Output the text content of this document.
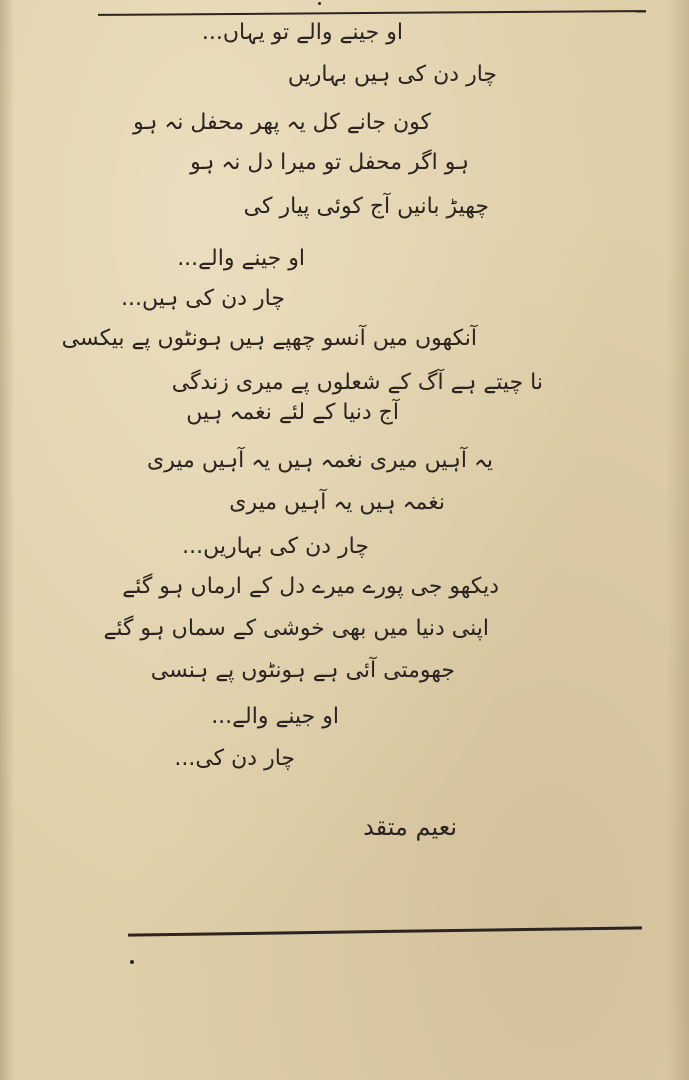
او جینے والے تو یہاں...
چار دن کی ہیں بہاریں
کون جانے کل یہ پھر محفل نہ ہو
ہو اگر محفل تو میرا دل نہ ہو
چھیڑ بانیں آج کوئی پیار کی
او جینے والے...
چار دن کی ہیں...
آنکھوں میں آنسو چھپے ہیں ہونٹوں پے بیکسی
نا چیتے ہے آگ کے شعلوں پے میری زندگی
آج دنیا کے لئے نغمہ ہیں
یہ آہیں میری نغمہ ہیں یہ آہیں میری
نغمہ ہیں یہ آہیں میری
چار دن کی بہاریں...
دیکھو جی پورے میرے دل کے ارماں ہو گئے
اپنی دنیا میں بھی خوشی کے سماں ہو گئے
جھومتی آئی ہے ہونٹوں پے ہنسی
او جینے والے...
چار دن کی...
نعیم متقد
